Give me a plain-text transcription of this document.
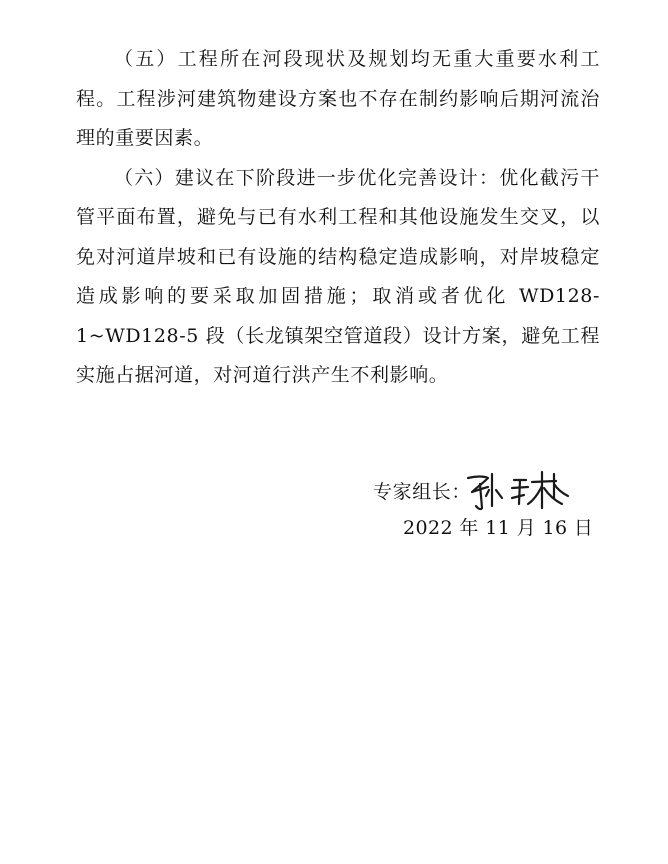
（五）工程所在河段现状及规划均无重大重要水利工程。工程涉河建筑物建设方案也不存在制约影响后期河流治理的重要因素。

（六）建议在下阶段进一步优化完善设计：优化截污干管平面布置，避免与已有水利工程和其他设施发生交叉，以免对河道岸坡和已有设施的结构稳定造成影响，对岸坡稳定造成影响的要采取加固措施；取消或者优化 WD128-1~WD128-5 段（长龙镇架空管道段）设计方案，避免工程实施占据河道，对河道行洪产生不利影响。

专家组长：
2022 年 11 月 16 日
